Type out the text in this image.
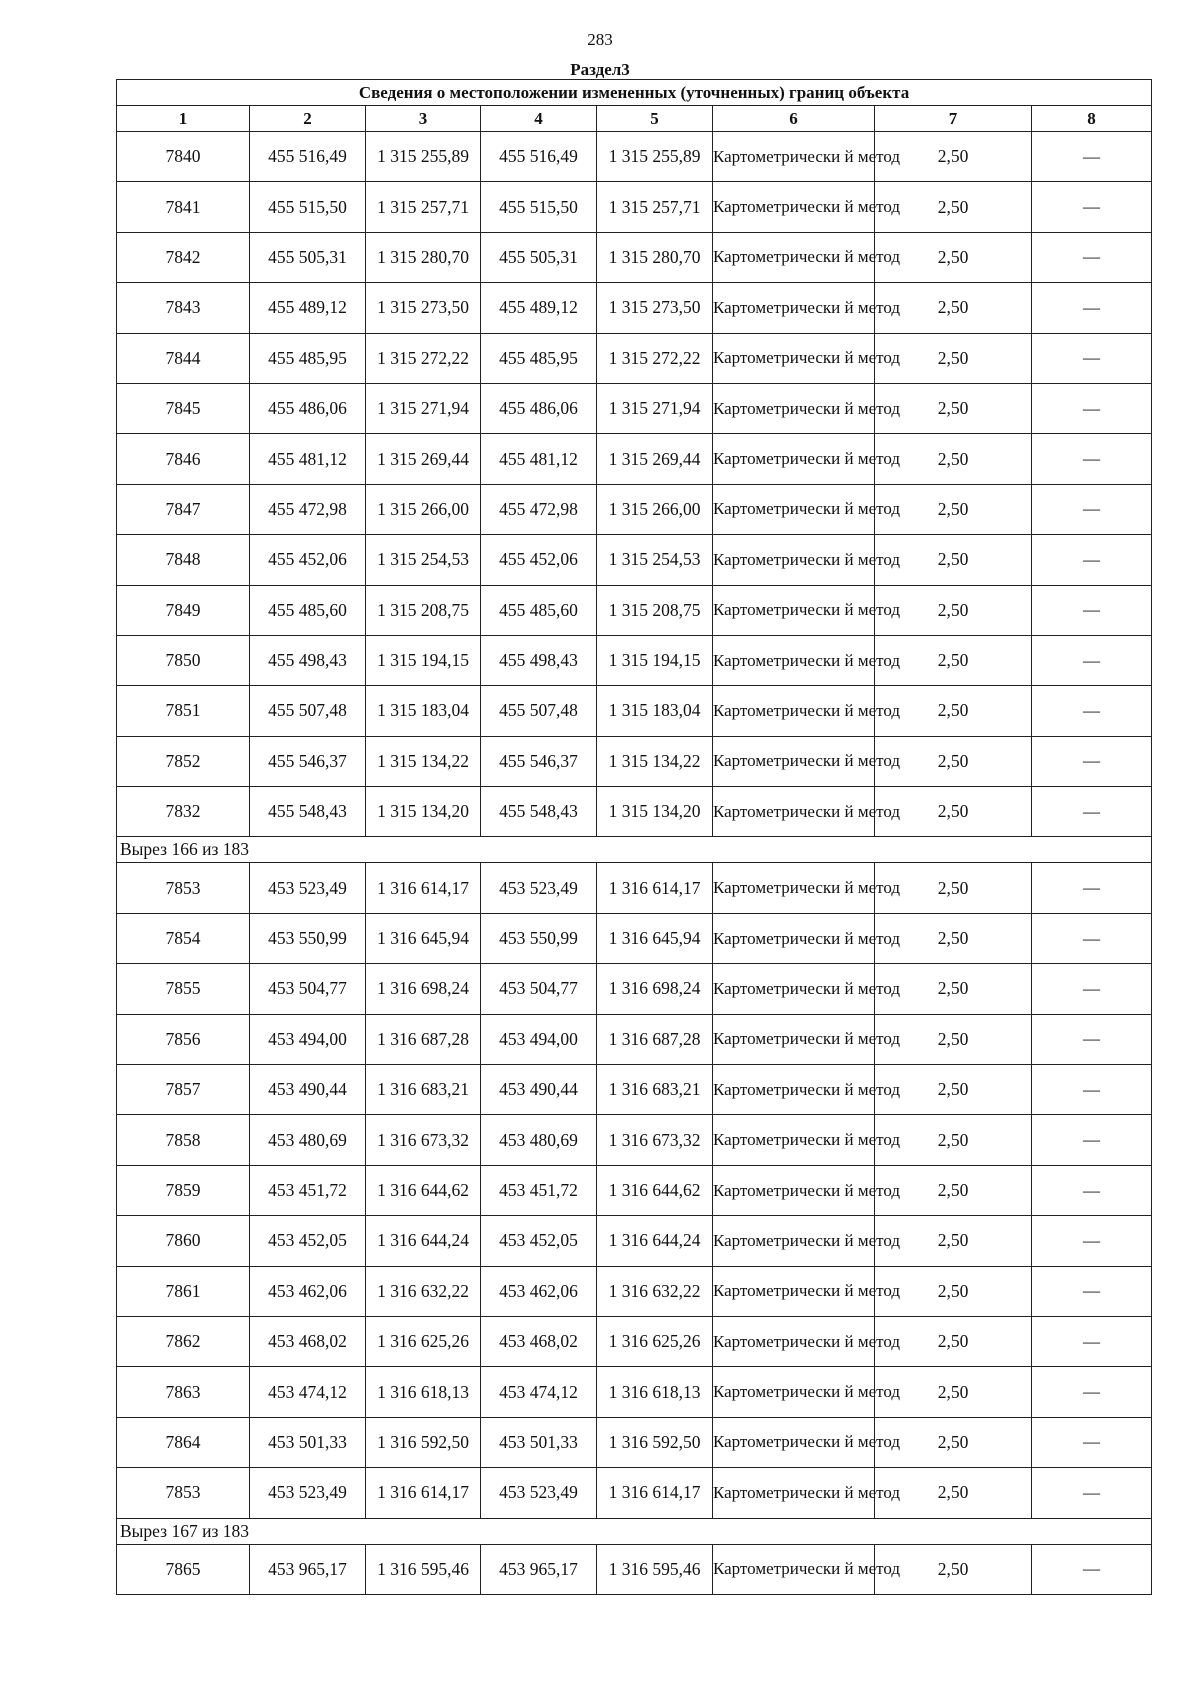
283
Раздел3
Сведения о местоположении измененных (уточненных) границ объекта							
1	2	3	4	5	6	7	8
7840	455 516,49	1 315 255,89	455 516,49	1 315 255,89	Картометрически й метод	2,50	—
7841	455 515,50	1 315 257,71	455 515,50	1 315 257,71	Картометрически й метод	2,50	—
7842	455 505,31	1 315 280,70	455 505,31	1 315 280,70	Картометрически й метод	2,50	—
7843	455 489,12	1 315 273,50	455 489,12	1 315 273,50	Картометрически й метод	2,50	—
7844	455 485,95	1 315 272,22	455 485,95	1 315 272,22	Картометрически й метод	2,50	—
7845	455 486,06	1 315 271,94	455 486,06	1 315 271,94	Картометрически й метод	2,50	—
7846	455 481,12	1 315 269,44	455 481,12	1 315 269,44	Картометрически й метод	2,50	—
7847	455 472,98	1 315 266,00	455 472,98	1 315 266,00	Картометрически й метод	2,50	—
7848	455 452,06	1 315 254,53	455 452,06	1 315 254,53	Картометрически й метод	2,50	—
7849	455 485,60	1 315 208,75	455 485,60	1 315 208,75	Картометрически й метод	2,50	—
7850	455 498,43	1 315 194,15	455 498,43	1 315 194,15	Картометрически й метод	2,50	—
7851	455 507,48	1 315 183,04	455 507,48	1 315 183,04	Картометрически й метод	2,50	—
7852	455 546,37	1 315 134,22	455 546,37	1 315 134,22	Картометрически й метод	2,50	—
7832	455 548,43	1 315 134,20	455 548,43	1 315 134,20	Картометрически й метод	2,50	—
Вырез 166 из 183							
7853	453 523,49	1 316 614,17	453 523,49	1 316 614,17	Картометрически й метод	2,50	—
7854	453 550,99	1 316 645,94	453 550,99	1 316 645,94	Картометрически й метод	2,50	—
7855	453 504,77	1 316 698,24	453 504,77	1 316 698,24	Картометрически й метод	2,50	—
7856	453 494,00	1 316 687,28	453 494,00	1 316 687,28	Картометрически й метод	2,50	—
7857	453 490,44	1 316 683,21	453 490,44	1 316 683,21	Картометрически й метод	2,50	—
7858	453 480,69	1 316 673,32	453 480,69	1 316 673,32	Картометрически й метод	2,50	—
7859	453 451,72	1 316 644,62	453 451,72	1 316 644,62	Картометрически й метод	2,50	—
7860	453 452,05	1 316 644,24	453 452,05	1 316 644,24	Картометрически й метод	2,50	—
7861	453 462,06	1 316 632,22	453 462,06	1 316 632,22	Картометрически й метод	2,50	—
7862	453 468,02	1 316 625,26	453 468,02	1 316 625,26	Картометрически й метод	2,50	—
7863	453 474,12	1 316 618,13	453 474,12	1 316 618,13	Картометрически й метод	2,50	—
7864	453 501,33	1 316 592,50	453 501,33	1 316 592,50	Картометрически й метод	2,50	—
7853	453 523,49	1 316 614,17	453 523,49	1 316 614,17	Картометрически й метод	2,50	—
Вырез 167 из 183							
7865	453 965,17	1 316 595,46	453 965,17	1 316 595,46	Картометрически й метод	2,50	—
